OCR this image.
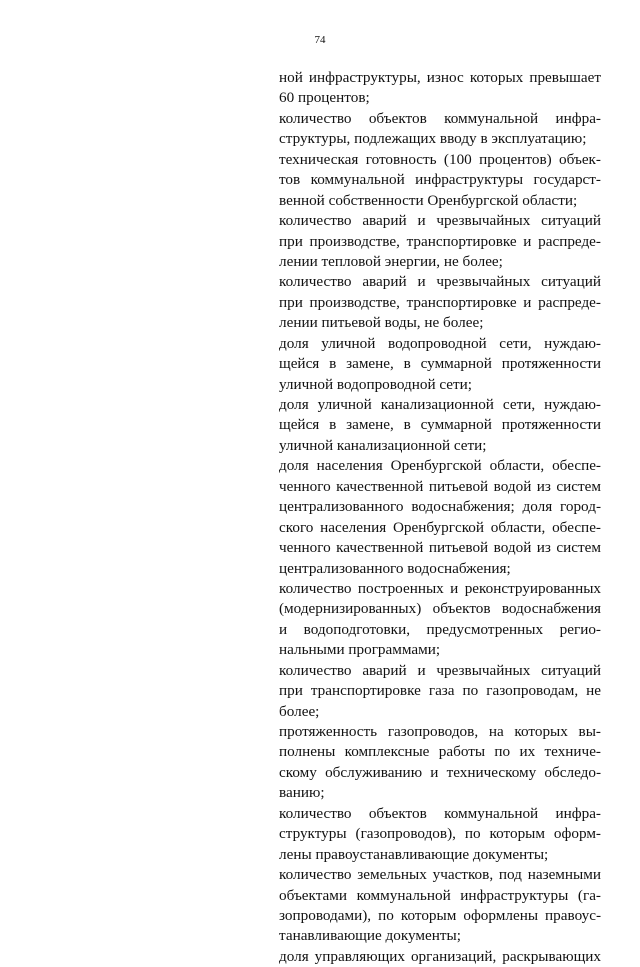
74
ной инфраструктуры, износ которых превышает
60 процентов;
количество объектов коммунальной инфра-
структуры, подлежащих вводу в эксплуатацию;
техническая готовность (100 процентов) объек-
тов коммунальной инфраструктуры государст-
венной собственности Оренбургской области;
количество аварий и чрезвычайных ситуаций
при производстве, транспортировке и распреде-
лении тепловой энергии, не более;
количество аварий и чрезвычайных ситуаций
при производстве, транспортировке и распреде-
лении питьевой воды, не более;
доля уличной водопроводной сети, нуждаю-
щейся в замене, в суммарной протяженности
уличной водопроводной сети;
доля уличной канализационной сети, нуждаю-
щейся в замене, в суммарной протяженности
уличной канализационной сети;
доля населения Оренбургской области, обеспе-
ченного качественной питьевой водой из систем
централизованного водоснабжения; доля город-
ского населения Оренбургской области, обеспе-
ченного качественной питьевой водой из систем
централизованного водоснабжения;
количество построенных и реконструированных
(модернизированных) объектов водоснабжения
и водоподготовки, предусмотренных регио-
нальными программами;
количество аварий и чрезвычайных ситуаций
при транспортировке газа по газопроводам, не
более;
протяженность газопроводов, на которых вы-
полнены комплексные работы по их техниче-
скому обслуживанию и техническому обследо-
ванию;
количество объектов коммунальной инфра-
структуры (газопроводов), по которым оформ-
лены правоустанавливающие документы;
количество земельных участков, под наземными
объектами коммунальной инфраструктуры (га-
зопроводами), по которым оформлены правоус-
танавливающие документы;
доля управляющих организаций, раскрывающих
